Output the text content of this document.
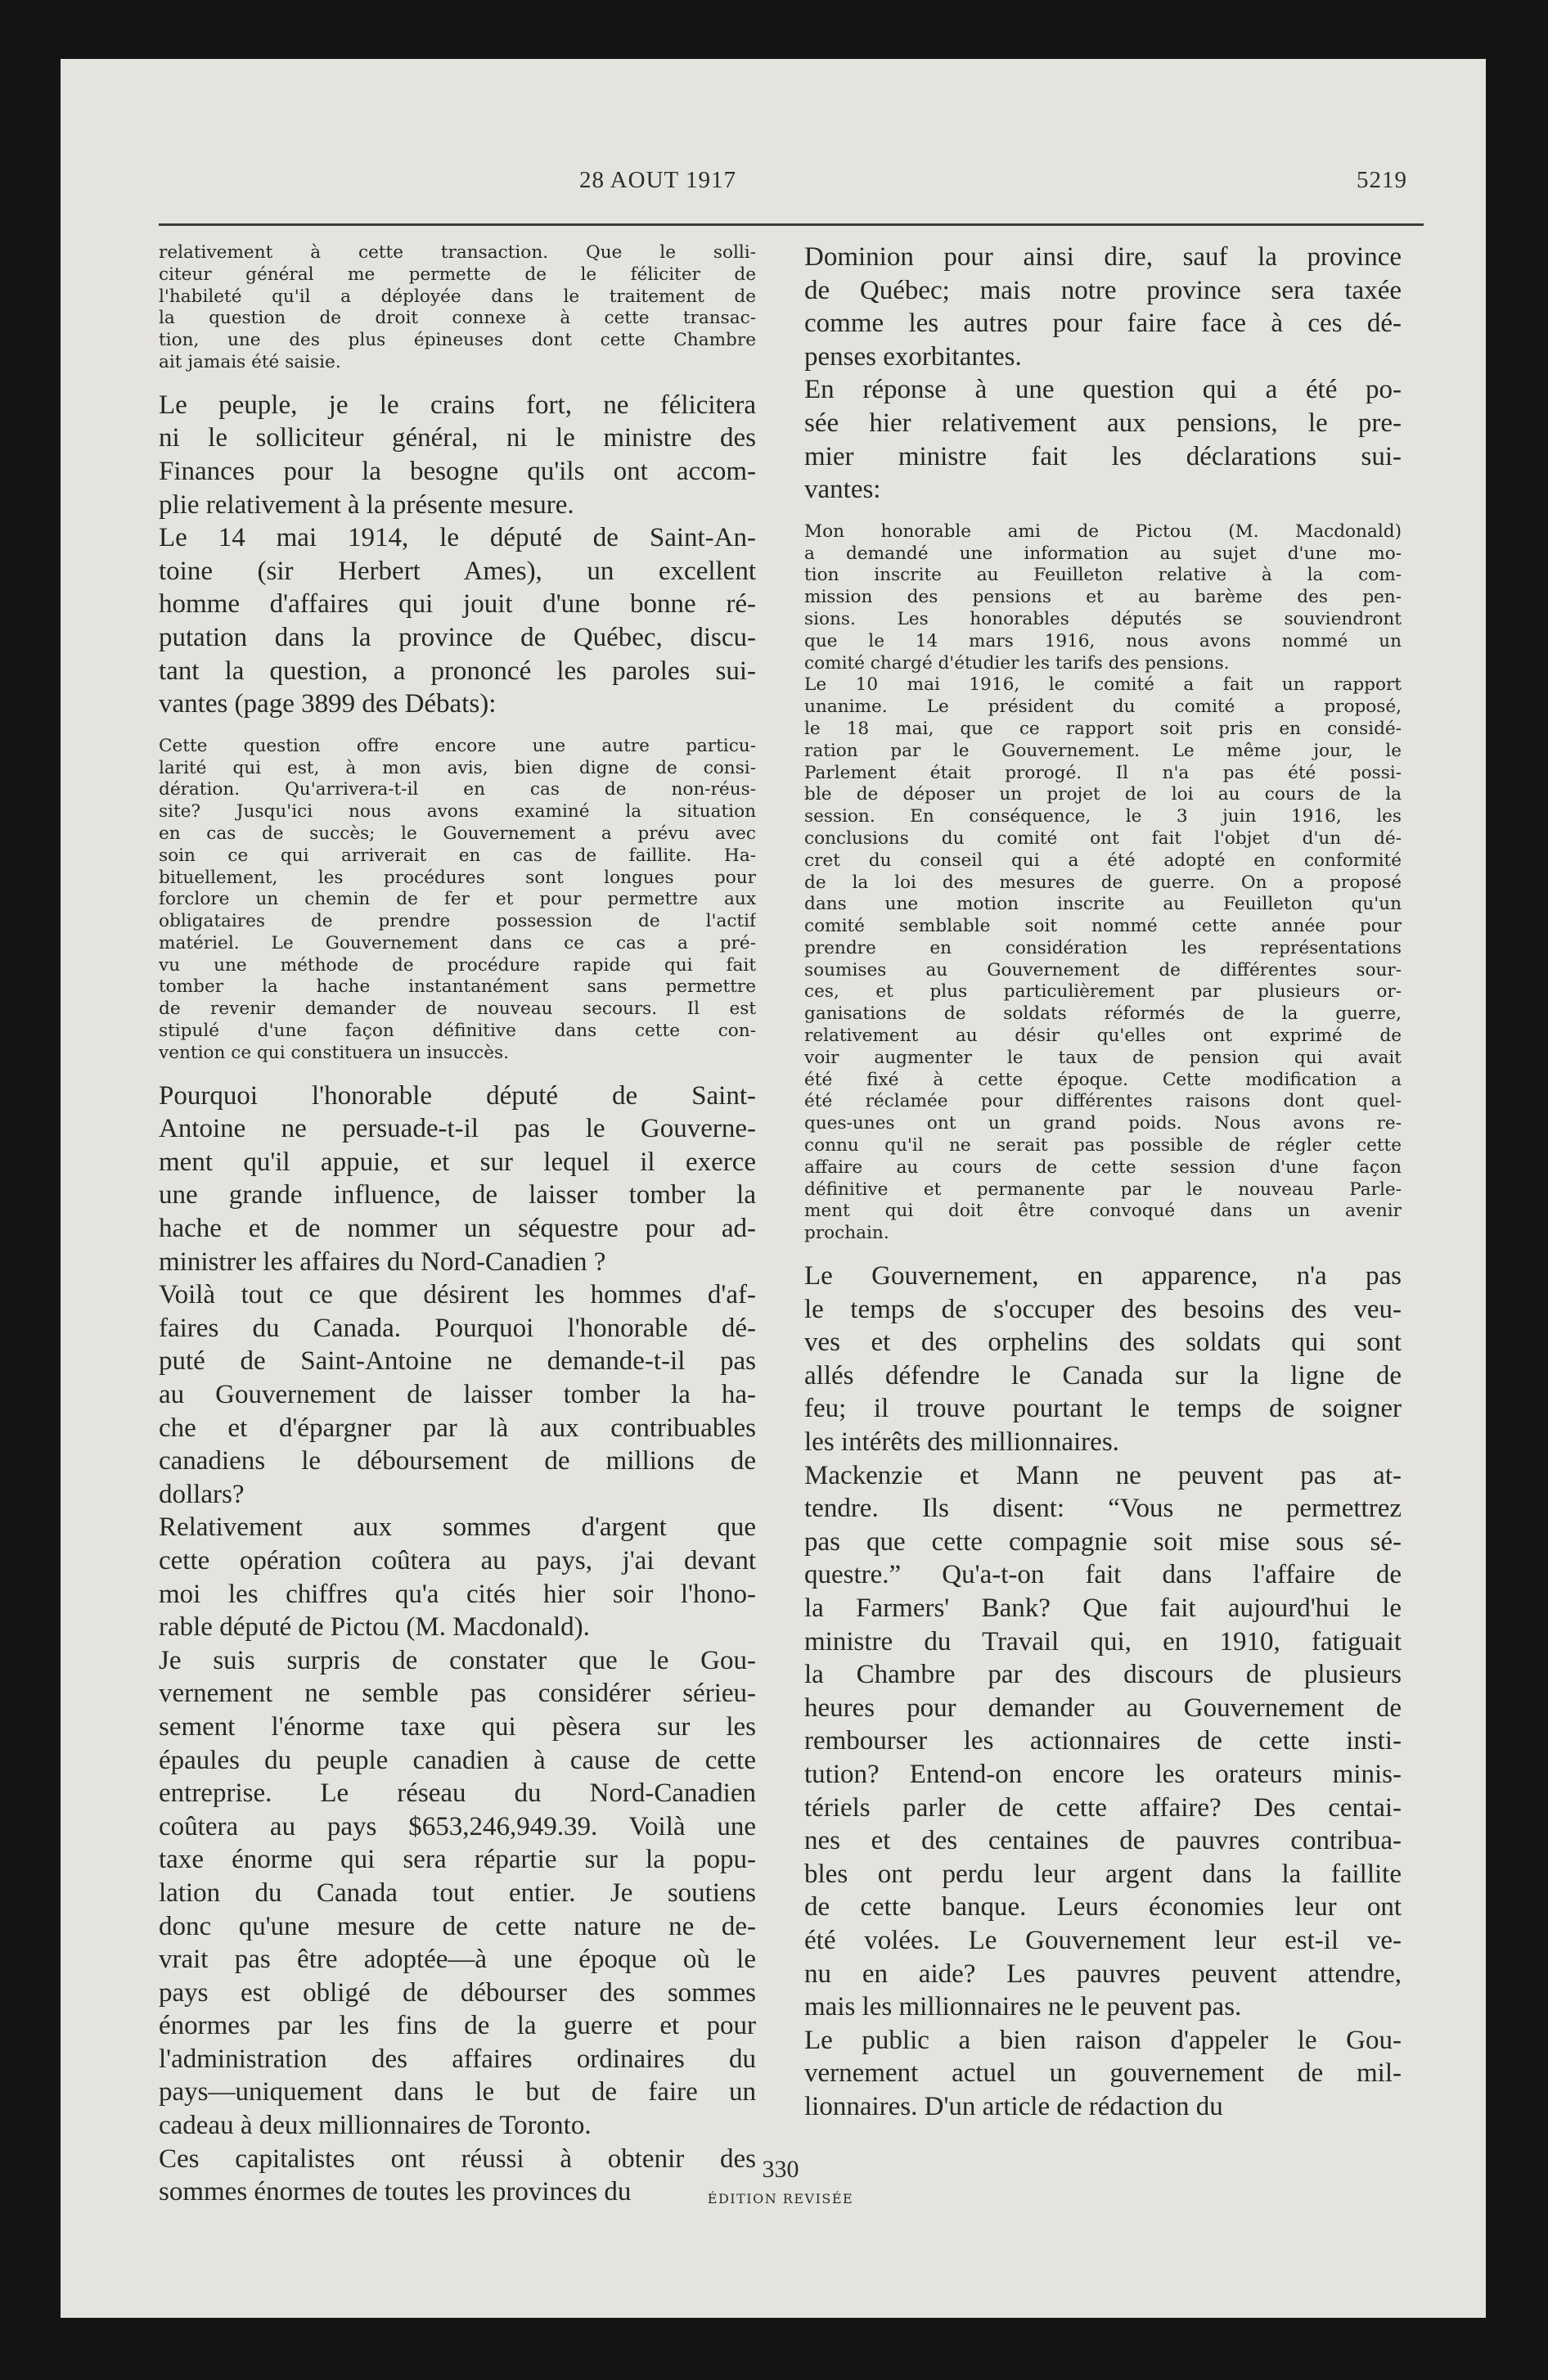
28 AOUT 1917	5219
relativement à cette transaction. Que le solli-
citeur général me permette de le féliciter de
l'habileté qu'il a déployée dans le traitement de
la question de droit connexe à cette transac-
tion, une des plus épineuses dont cette Chambre
ait jamais été saisie.
Le peuple, je le crains fort, ne félicitera
ni le solliciteur général, ni le ministre des
Finances pour la besogne qu'ils ont accom-
plie relativement à la présente mesure.
Le 14 mai 1914, le député de Saint-An-
toine (sir Herbert Ames), un excellent
homme d'affaires qui jouit d'une bonne ré-
putation dans la province de Québec, discu-
tant la question, a prononcé les paroles sui-
vantes (page 3899 des Débats):
Cette question offre encore une autre particu-
larité qui est, à mon avis, bien digne de consi-
dération. Qu'arrivera-t-il en cas de non-réus-
site? Jusqu'ici nous avons examiné la situation
en cas de succès; le Gouvernement a prévu avec
soin ce qui arriverait en cas de faillite. Ha-
bituellement, les procédures sont longues pour
forclore un chemin de fer et pour permettre aux
obligataires de prendre possession de l'actif
matériel. Le Gouvernement dans ce cas a pré-
vu une méthode de procédure rapide qui fait
tomber la hache instantanément sans permettre
de revenir demander de nouveau secours. Il est
stipulé d'une façon définitive dans cette con-
vention ce qui constituera un insuccès.
Pourquoi l'honorable député de Saint-
Antoine ne persuade-t-il pas le Gouverne-
ment qu'il appuie, et sur lequel il exerce
une grande influence, de laisser tomber la
hache et de nommer un séquestre pour ad-
ministrer les affaires du Nord-Canadien ?
Voilà tout ce que désirent les hommes d'af-
faires du Canada. Pourquoi l'honorable dé-
puté de Saint-Antoine ne demande-t-il pas
au Gouvernement de laisser tomber la ha-
che et d'épargner par là aux contribuables
canadiens le déboursement de millions de
dollars?
Relativement aux sommes d'argent que
cette opération coûtera au pays, j'ai devant
moi les chiffres qu'a cités hier soir l'hono-
rable député de Pictou (M. Macdonald).
Je suis surpris de constater que le Gou-
vernement ne semble pas considérer sérieu-
sement l'énorme taxe qui pèsera sur les
épaules du peuple canadien à cause de cette
entreprise. Le réseau du Nord-Canadien
coûtera au pays $653,246,949.39. Voilà une
taxe énorme qui sera répartie sur la popu-
lation du Canada tout entier. Je soutiens
donc qu'une mesure de cette nature ne de-
vrait pas être adoptée—à une époque où le
pays est obligé de débourser des sommes
énormes par les fins de la guerre et pour
l'administration des affaires ordinaires du
pays—uniquement dans le but de faire un
cadeau à deux millionnaires de Toronto.
Ces capitalistes ont réussi à obtenir des
sommes énormes de toutes les provinces du
Dominion pour ainsi dire, sauf la province
de Québec; mais notre province sera taxée
comme les autres pour faire face à ces dé-
penses exorbitantes.
En réponse à une question qui a été po-
sée hier relativement aux pensions, le pre-
mier ministre fait les déclarations sui-
vantes:
Mon honorable ami de Pictou (M. Macdonald)
a demandé une information au sujet d'une mo-
tion inscrite au Feuilleton relative à la com-
mission des pensions et au barème des pen-
sions. Les honorables députés se souviendront
que le 14 mars 1916, nous avons nommé un
comité chargé d'étudier les tarifs des pensions.
Le 10 mai 1916, le comité a fait un rapport
unanime. Le président du comité a proposé,
le 18 mai, que ce rapport soit pris en considé-
ration par le Gouvernement. Le même jour, le
Parlement était prorogé. Il n'a pas été possi-
ble de déposer un projet de loi au cours de la
session. En conséquence, le 3 juin 1916, les
conclusions du comité ont fait l'objet d'un dé-
cret du conseil qui a été adopté en conformité
de la loi des mesures de guerre. On a proposé
dans une motion inscrite au Feuilleton qu'un
comité semblable soit nommé cette année pour
prendre en considération les représentations
soumises au Gouvernement de différentes sour-
ces, et plus particulièrement par plusieurs or-
ganisations de soldats réformés de la guerre,
relativement au désir qu'elles ont exprimé de
voir augmenter le taux de pension qui avait
été fixé à cette époque. Cette modification a
été réclamée pour différentes raisons dont quel-
ques-unes ont un grand poids. Nous avons re-
connu qu'il ne serait pas possible de régler cette
affaire au cours de cette session d'une façon
définitive et permanente par le nouveau Parle-
ment qui doit être convoqué dans un avenir
prochain.
Le Gouvernement, en apparence, n'a pas
le temps de s'occuper des besoins des veu-
ves et des orphelins des soldats qui sont
allés défendre le Canada sur la ligne de
feu; il trouve pourtant le temps de soigner
les intérêts des millionnaires.
Mackenzie et Mann ne peuvent pas at-
tendre. Ils disent: “Vous ne permettrez
pas que cette compagnie soit mise sous sé-
questre.” Qu'a-t-on fait dans l'affaire de
la Farmers' Bank? Que fait aujourd'hui le
ministre du Travail qui, en 1910, fatiguait
la Chambre par des discours de plusieurs
heures pour demander au Gouvernement de
rembourser les actionnaires de cette insti-
tution? Entend-on encore les orateurs minis-
tériels parler de cette affaire? Des centai-
nes et des centaines de pauvres contribua-
bles ont perdu leur argent dans la faillite
de cette banque. Leurs économies leur ont
été volées. Le Gouvernement leur est-il ve-
nu en aide? Les pauvres peuvent attendre,
mais les millionnaires ne le peuvent pas.
Le public a bien raison d'appeler le Gou-
vernement actuel un gouvernement de mil-
lionnaires. D'un article de rédaction du
330
ÉDITION REVISÉE
